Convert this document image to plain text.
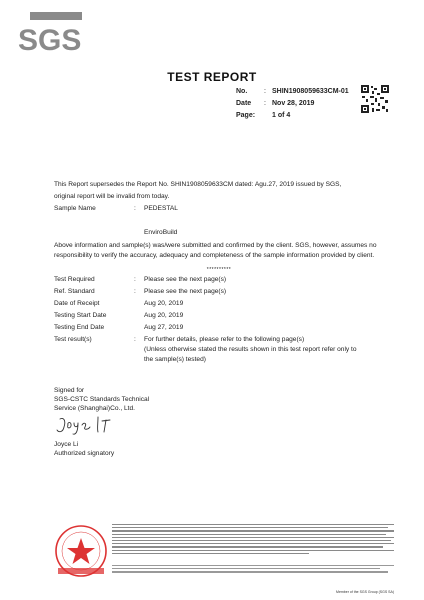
SGS
TEST REPORT
No.	: SHIN1908059633CM-01
Date	: Nov 28, 2019
Page:	1 of 4
This Report supersedes the Report No. SHIN1908059633CM dated: Agu.27, 2019 issued by SGS,
original report will be invalid from today.
Sample Name	:	PEDESTAL
EnviroBuild
Above information and sample(s) was/were submitted and confirmed by the client. SGS, however, assumes no responsibility to verify the accuracy, adequacy and completeness of the sample information provided by client.
**********
Test Required	:	Please see the next page(s)
Ref. Standard	:	Please see the next page(s)
Date of Receipt	Aug 20, 2019
Testing Start Date	Aug 20, 2019
Testing End Date	Aug 27, 2019
Test result(s)	:	For further details, please refer to the following page(s)
(Unless otherwise stated the results shown in this test report refer only to
the sample(s) tested)
Signed for
SGS-CSTC Standards Technical
Service (Shanghai)Co., Ltd.
Joyce Li
Authorized signatory
Member of the SGS Group (SGS SA)
